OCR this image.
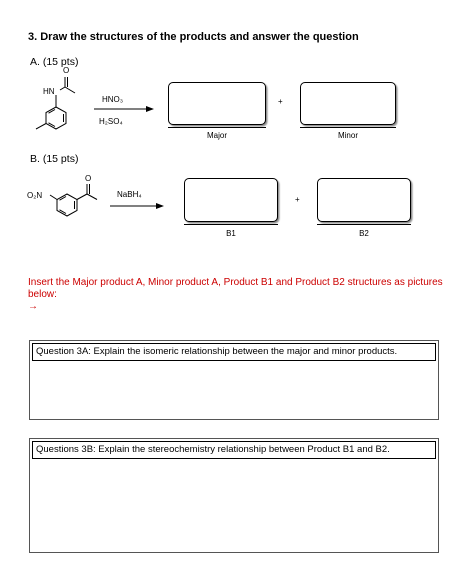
3. Draw the structures of the products and answer the question
A. (15 pts)
HN
O
HNO₃
H₂SO₄
Major
+
Minor
B. (15 pts)
O₂N
O
NaBH₄
B1
+
B2
Insert the Major product A, Minor product A, Product B1 and Product B2 structures as pictures below:
→
Question 3A: Explain the isomeric relationship between the major and minor products.
Questions 3B: Explain the stereochemistry relationship between Product B1 and B2.
